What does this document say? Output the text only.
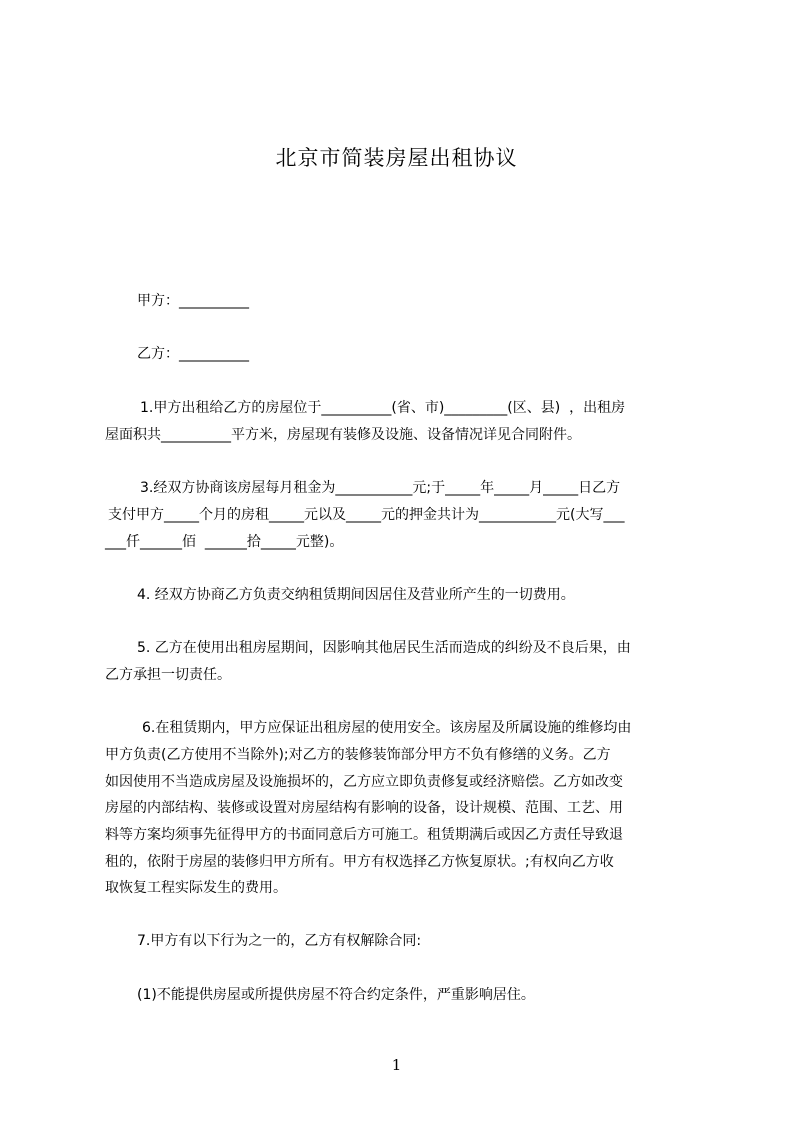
北京市简装房屋出租协议
甲方：__________
乙方：__________
1.甲方出租给乙方的房屋位于__________(省、市)_________(区、县)  ，出租房
屋面积共__________平方米，房屋现有装修及设施、设备情况详见合同附件。
3.经双方协商该房屋每月租金为___________元;于_____年_____月_____日乙方
支付甲方_____个月的房租_____元以及_____元的押金共计为___________元(大写___
___仟______佰  ______拾_____元整)。
4. 经双方协商乙方负责交纳租赁期间因居住及营业所产生的一切费用。
5. 乙方在使用出租房屋期间，因影响其他居民生活而造成的纠纷及不良后果，由
乙方承担一切责任。
6.在租赁期内，甲方应保证出租房屋的使用安全。该房屋及所属设施的维修均由
甲方负责(乙方使用不当除外);对乙方的装修装饰部分甲方不负有修缮的义务。乙方
如因使用不当造成房屋及设施损坏的，乙方应立即负责修复或经济赔偿。乙方如改变
房屋的内部结构、装修或设置对房屋结构有影响的设备，设计规模、范围、工艺、用
料等方案均须事先征得甲方的书面同意后方可施工。租赁期满后或因乙方责任导致退
租的，依附于房屋的装修归甲方所有。甲方有权选择乙方恢复原状。;有权向乙方收
取恢复工程实际发生的费用。
7.甲方有以下行为之一的，乙方有权解除合同:
(1)不能提供房屋或所提供房屋不符合约定条件，严重影响居住。
1
